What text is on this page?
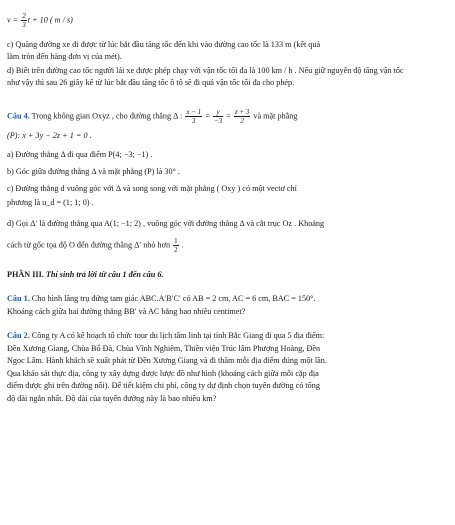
$v = \frac{2}{3}$ t + 10 ( m / s)
c) Quãng đường xe đi được từ lúc bắt đầu tăng tốc đến khi vào đường cao tốc là 133 m (kết quả
làm tròn đến hàng đơn vị của mét).
d) Biết trên đường cao tốc người lái xe được phép chạy với vận tốc tối đa là 100 km / h . Nếu giữ nguyên độ tăng vận tốc
như vậy thì sau 26 giây kể từ lúc bắt đầu tăng tốc ô tô sẽ đi quá vận tốc tối đa cho phép.
Câu 4. Trong không gian Oxyz , cho đường thẳng Δ : $\frac{x - 1}{3} = \frac{y}{-3} = \frac{z + 3}{2}$ và mặt phẳng
(P): x + 3y − 2z + 1 = 0 .
a) Đường thẳng Δ đi qua điểm P(4; −3; −1) .
b) Góc giữa đường thẳng Δ và mặt phẳng (P) là 30° .
c) Đường thẳng d vuông góc với Δ và song song với mặt phẳng ( Oxy ) có một vectơ chỉ
phương là u_d = (1; 1; 0) .
d) Gọi Δ′ là đường thẳng qua A(1; −1; 2) , vuông góc với đường thẳng Δ và cắt trục Oz . Khoảng
cách từ gốc tọa độ O đến đường thẳng Δ′ nhỏ hơn $\frac{1}{2}$ .
PHẦN III. Thí sinh trả lời từ câu 1 đến câu 6.
Câu 1. Cho hình lăng trụ đứng tam giác ABC.A′B′C′ có AB = 2 cm, AC = 6 cm, BAC = 150°.
Khoảng cách giữa hai đường thẳng BB′ và AC bằng bao nhiêu centimet?
Câu 2. Công ty A có kế hoạch tổ chức tour du lịch tâm linh tại tỉnh Bắc Giang đi qua 5 địa điểm:
Đền Xương Giang, Chùa Bổ Đà, Chùa Vĩnh Nghiêm, Thiền viện Trúc lâm Phượng Hoàng, Đền
Ngọc Lâm. Hành khách sẽ xuất phát từ Đền Xương Giang và đi thăm mỗi địa điểm đúng một lần.
Qua khảo sát thực địa, công ty xây dựng được lược đồ như hình (khoảng cách giữa mỗi cặp địa
điểm được ghi trên đường nối). Để tiết kiệm chi phí, công ty dự định chọn tuyến đường có tổng
độ dài ngắn nhất. Độ dài của tuyến đường này là bao nhiêu km?
